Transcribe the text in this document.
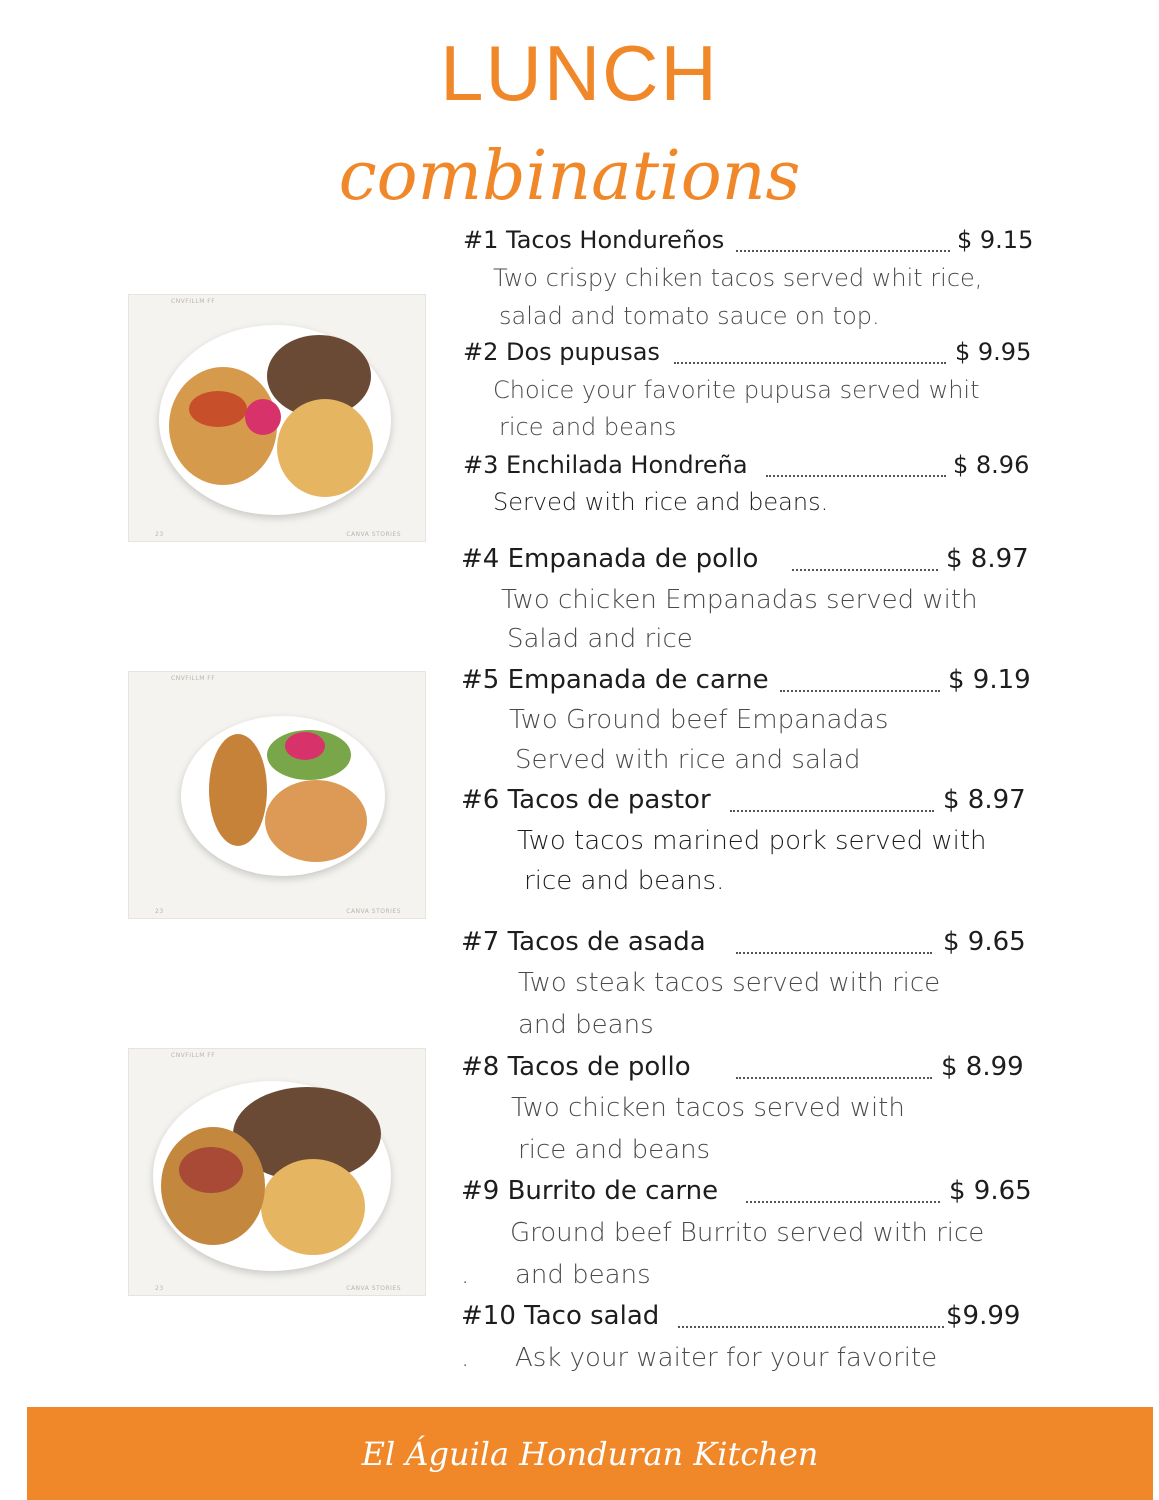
LUNCH
combinations
CNVFILLM FF
23	CANVA STORIES
CNVFILLM FF
23	CANVA STORIES
CNVFILLM FF
23	CANVA STORIES
#1 Tacos Hondureños	$ 9.15
Two crispy chiken tacos served whit rice,
salad and tomato sauce on top.
#2 Dos pupusas	$ 9.95
Choice your favorite pupusa served whit
rice and beans
#3 Enchilada Hondreña	$ 8.96
Served with rice and beans.
#4 Empanada de pollo	$ 8.97
Two chicken Empanadas served with
Salad and rice
#5 Empanada de carne	$ 9.19
Two Ground beef Empanadas
Served with rice and salad
#6 Tacos de pastor	$ 8.97
Two tacos marined pork served with
rice and beans.
#7 Tacos de asada	$ 9.65
Two steak tacos served with rice
and beans
#8 Tacos de pollo	$ 8.99
Two chicken tacos served with
rice and beans
#9 Burrito de carne	$ 9.65
Ground beef Burrito served with rice
. and beans
#10 Taco salad	$9.99
. Ask your waiter for your favorite
El Águila Honduran Kitchen
